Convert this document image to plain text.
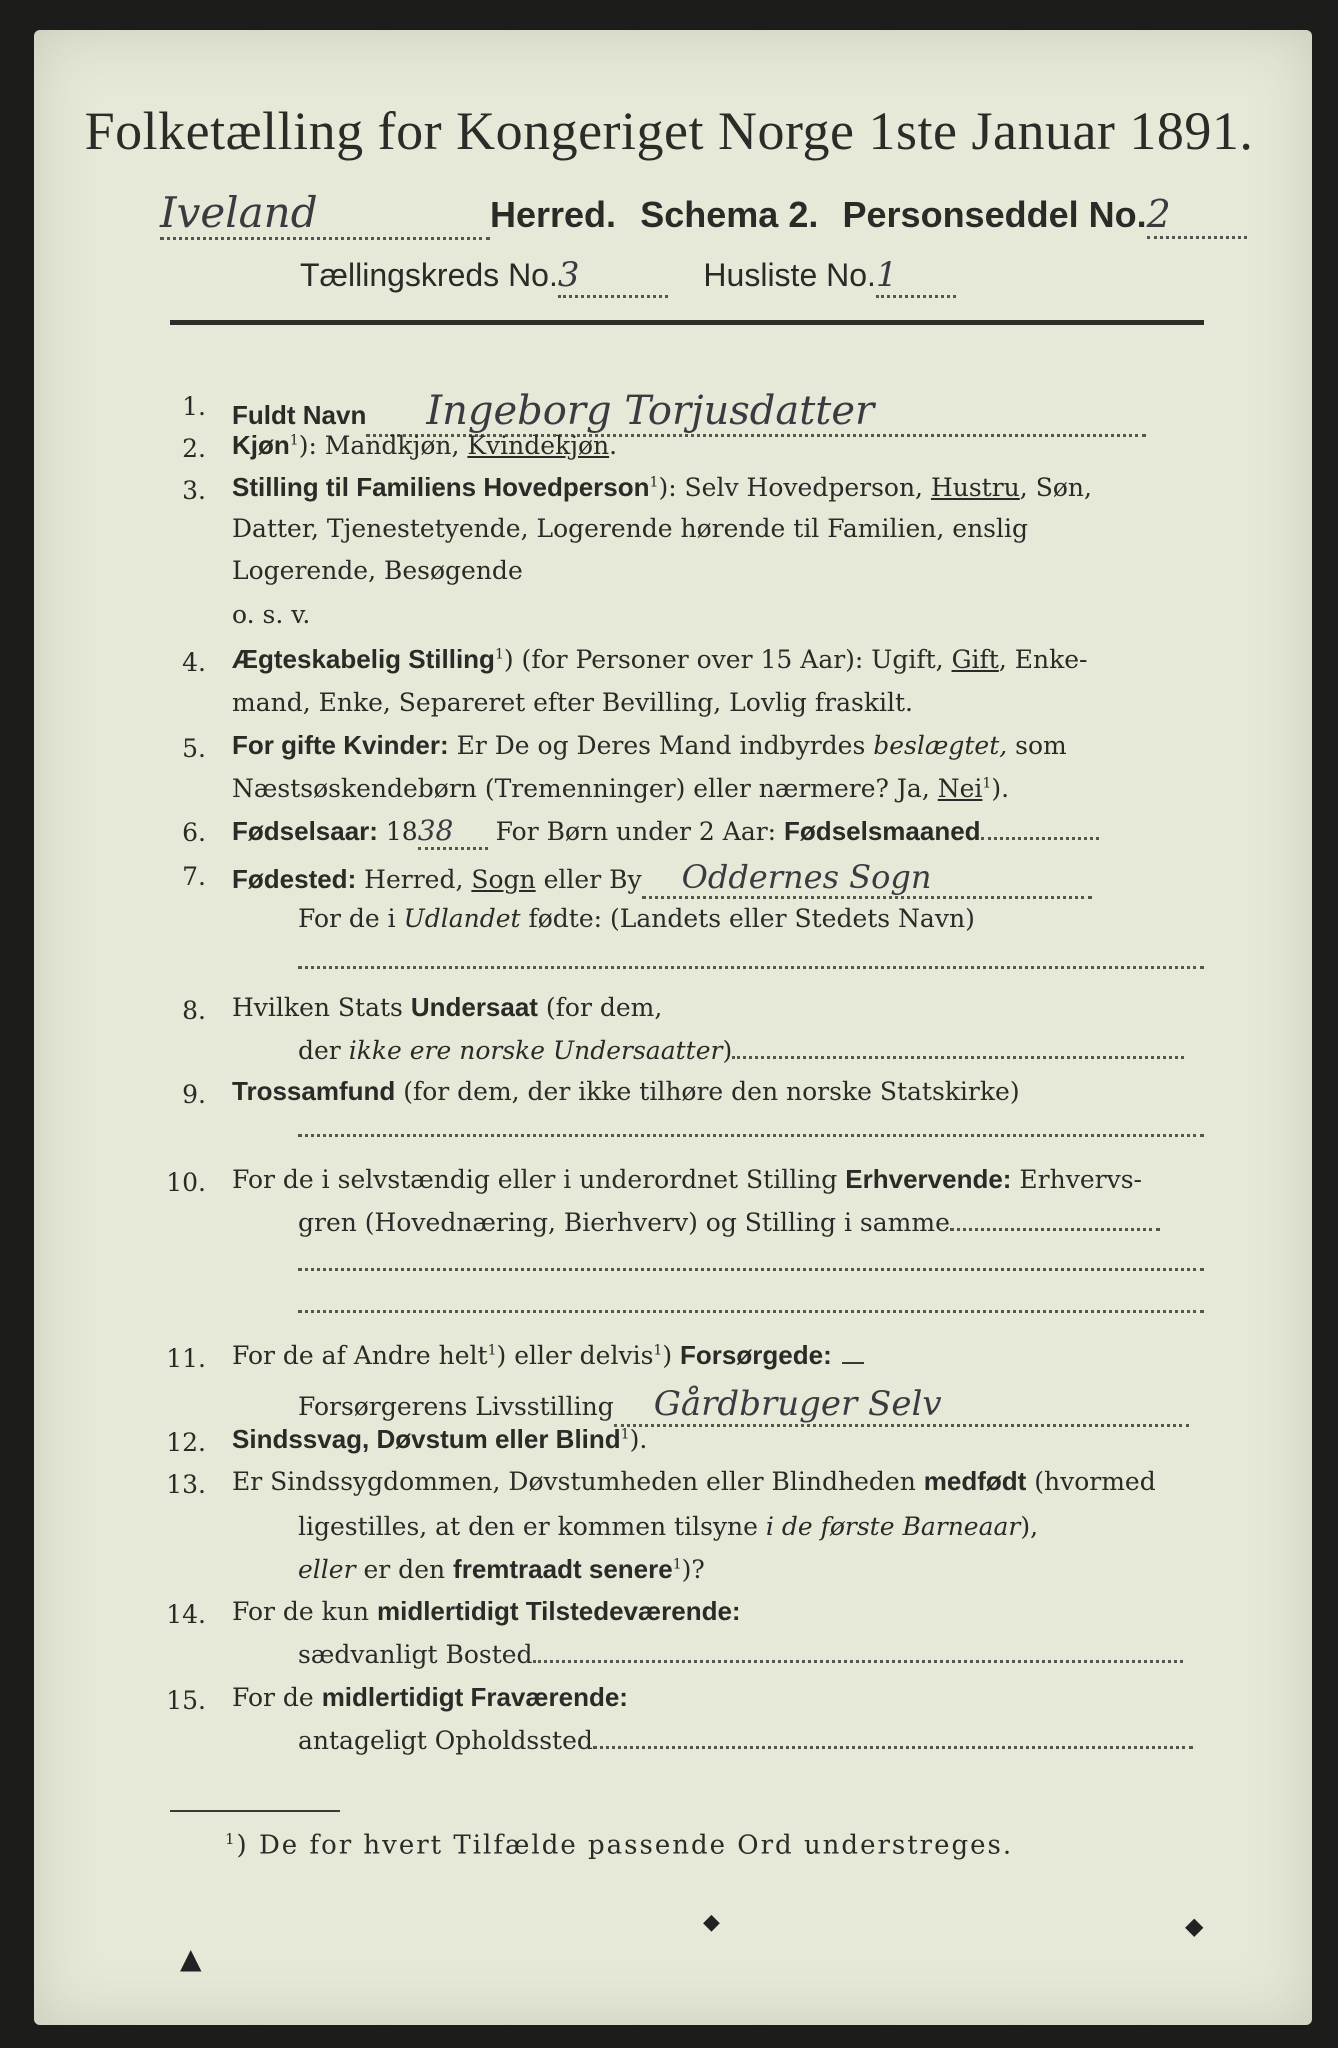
Folketælling for Kongeriget Norge 1ste Januar 1891.
Iveland	Herred. Schema 2. Personseddel No.2
Tællingskreds No.3	Husliste No.1
1. Fuldt Navn Ingeborg Torjusdatter
2. Kjøn$^1$): Mandkjøn, Kvindekjøn.
3. Stilling til Familiens Hovedperson$^1$): Selv Hovedperson, Hustru, Søn,
Datter, Tjenestetyende, Logerende hørende til Familien, enslig
Logerende, Besøgende
o. s. v.
4. Ægteskabelig Stilling$^1$) (for Personer over 15 Aar): Ugift, Gift, Enke-
mand, Enke, Separeret efter Bevilling, Lovlig fraskilt.
5. For gifte Kvinder: Er De og Deres Mand indbyrdes beslægtet, som
Næstsøskendebørn (Tremenninger) eller nærmere? Ja, Nei$^1$).
6. Fødselsaar: 1838 For Børn under 2 Aar: Fødselsmaaned
7. Fødested: Herred, Sogn eller By Oddernes Sogn
For de i Udlandet fødte: (Landets eller Stedets Navn)
8. Hvilken Stats Undersaat (for dem,
der ikke ere norske Undersaatter)
9. Trossamfund (for dem, der ikke tilhøre den norske Statskirke)
10. For de i selvstændig eller i underordnet Stilling Erhvervende: Erhvervs-
gren (Hovednæring, Bierhverv) og Stilling i samme
11. For de af Andre helt$^1$) eller delvis$^1$) Forsørgede:
Forsørgerens Livsstilling Gårdbruger Selv
12. Sindssvag, Døvstum eller Blind$^1$).
13. Er Sindssygdommen, Døvstumheden eller Blindheden medfødt (hvormed
ligestilles, at den er kommen tilsyne i de første Barneaar),
eller er den fremtraadt senere$^1$)?
14. For de kun midlertidigt Tilstedeværende:
sædvanligt Bosted
15. For de midlertidigt Fraværende:
antageligt Opholdssted
$^1$) De for hvert Tilfælde passende Ord understreges.
▲
◆	◆
